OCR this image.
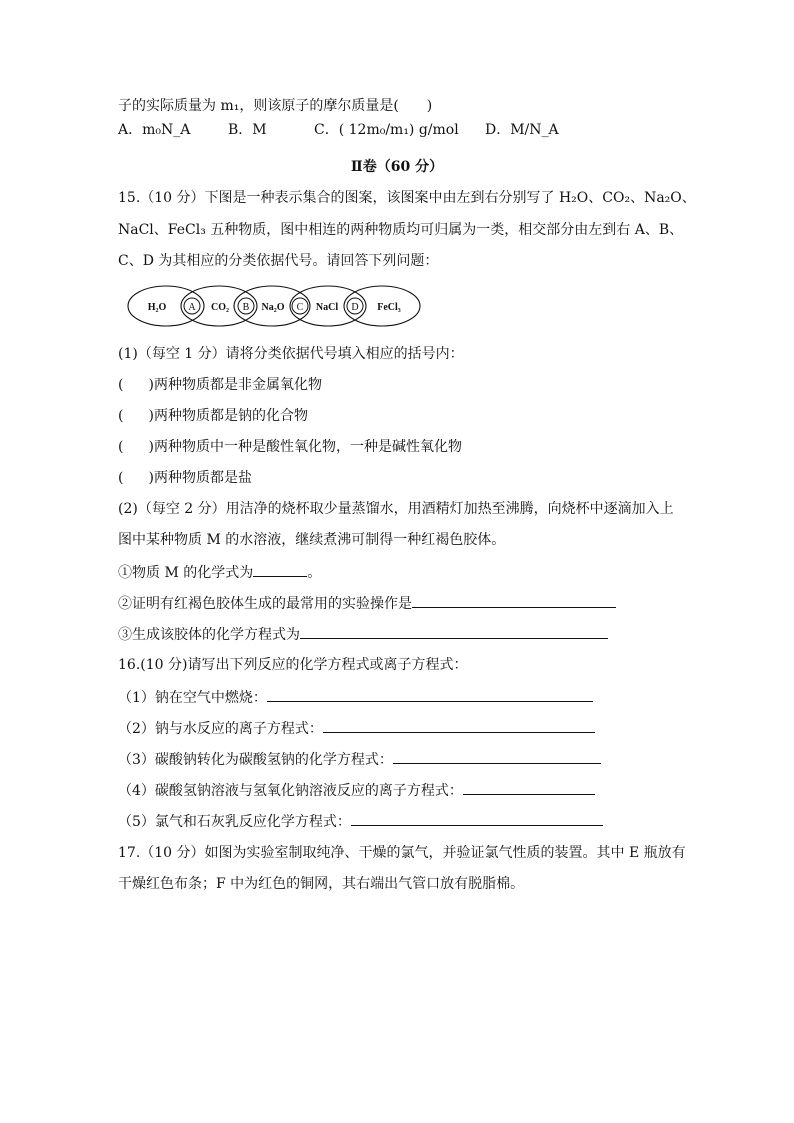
子的实际质量为 m₁，则该原子的摩尔质量是(　　)
A．m₀N_A	B．M	C．( 12m₀/m₁) g/mol D．M/N_A
Ⅱ卷（60 分）
15.（10 分）下图是一种表示集合的图案，该图案中由左到右分别写了 H₂O、CO₂、Na₂O、
NaCl、FeCl₃ 五种物质，图中相连的两种物质均可归属为一类，相交部分由左到右 A、B、
C、D 为其相应的分类依据代号。请回答下列问题：
H₂O	CO₂	Na₂O	NaCl	FeCl₃
A	B	C	D
(1)（每空 1 分）请将分类依据代号填入相应的括号内：
( ) 两种物质都是非金属氧化物
( ) 两种物质都是钠的化合物
( ) 两种物质中一种是酸性氧化物，一种是碱性氧化物
( ) 两种物质都是盐
(2)（每空 2 分）用洁净的烧杯取少量蒸馏水，用酒精灯加热至沸腾，向烧杯中逐滴加入上
图中某种物质 M 的水溶液，继续煮沸可制得一种红褐色胶体。
①物质 M 的化学式为	。
②证明有红褐色胶体生成的最常用的实验操作是
③生成该胶体的化学方程式为
16.(10 分)请写出下列反应的化学方程式或离子方程式：
（1）钠在空气中燃烧：
（2）钠与水反应的离子方程式：
（3）碳酸钠转化为碳酸氢钠的化学方程式：
（4）碳酸氢钠溶液与氢氧化钠溶液反应的离子方程式：
（5）氯气和石灰乳反应化学方程式：
17.（10 分）如图为实验室制取纯净、干燥的氯气，并验证氯气性质的装置。其中 E 瓶放有
干燥红色布条；F 中为红色的铜网，其右端出气管口放有脱脂棉。
